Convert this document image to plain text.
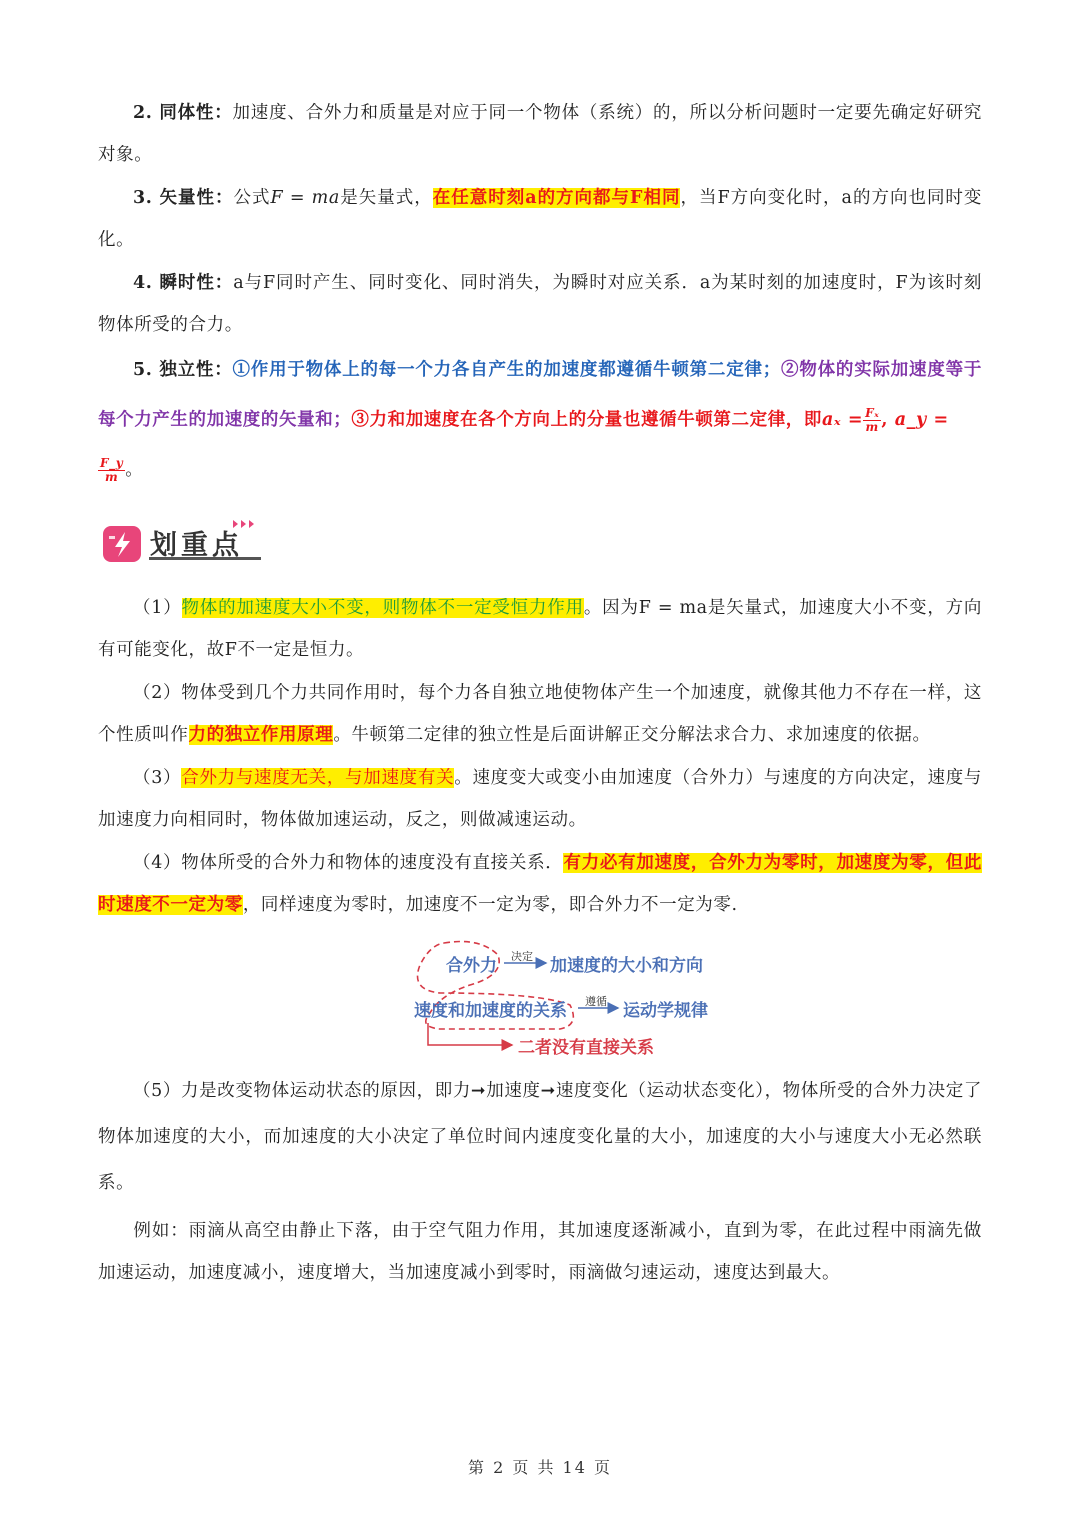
2. 同体性：加速度、合外力和质量是对应于同一个物体（系统）的，所以分析问题时一定要先确定好研究对象。

3. 矢量性：公式F = ma是矢量式，在任意时刻a的方向都与F相同，当F方向变化时，a的方向也同时变化。

4. 瞬时性：a与F同时产生、同时变化、同时消失，为瞬时对应关系．a为某时刻的加速度时，F为该时刻物体所受的合力。

5. 独立性：①作用于物体上的每一个力各自产生的加速度都遵循牛顿第二定律；②物体的实际加速度等于每个力产生的加速度的矢量和；③力和加速度在各个方向上的分量也遵循牛顿第二定律，即$a_x = \frac{\text{Fₓ}}{m}$ , a_y =

$\frac{F\_y}{m}$ 。

划重点

（1）物体的加速度大小不变，则物体不一定受恒力作用。因为F = ma是矢量式，加速度大小不变，方向有可能变化，故F不一定是恒力。

（2）物体受到几个力共同作用时，每个力各自独立地使物体产生一个加速度，就像其他力不存在一样，这个性质叫作力的独立作用原理。牛顿第二定律的独立性是后面讲解正交分解法求合力、求加速度的依据。

（3）合外力与速度无关，与加速度有关。速度变大或变小由加速度（合外力）与速度的方向决定，速度与加速度力向相同时，物体做加速运动，反之，则做减速运动。

（4）物体所受的合外力和物体的速度没有直接关系．有力必有加速度，合外力为零时，加速度为零，但此时速度不一定为零，同样速度为零时，加速度不一定为零，即合外力不一定为零.

合外力 决定 加速度的大小和方向
速度和加速度的关系 遵循 运动学规律
二者没有直接关系

（5）力是改变物体运动状态的原因，即力➞加速度➞速度变化（运动状态变化），物体所受的合外力决定了物体加速度的大小，而加速度的大小决定了单位时间内速度变化量的大小，加速度的大小与速度大小无必然联系。

例如：雨滴从高空由静止下落，由于空气阻力作用，其加速度逐渐减小，直到为零，在此过程中雨滴先做加速运动，加速度减小，速度增大，当加速度减小到零时，雨滴做匀速运动，速度达到最大。

第 2 页 共 14 页
